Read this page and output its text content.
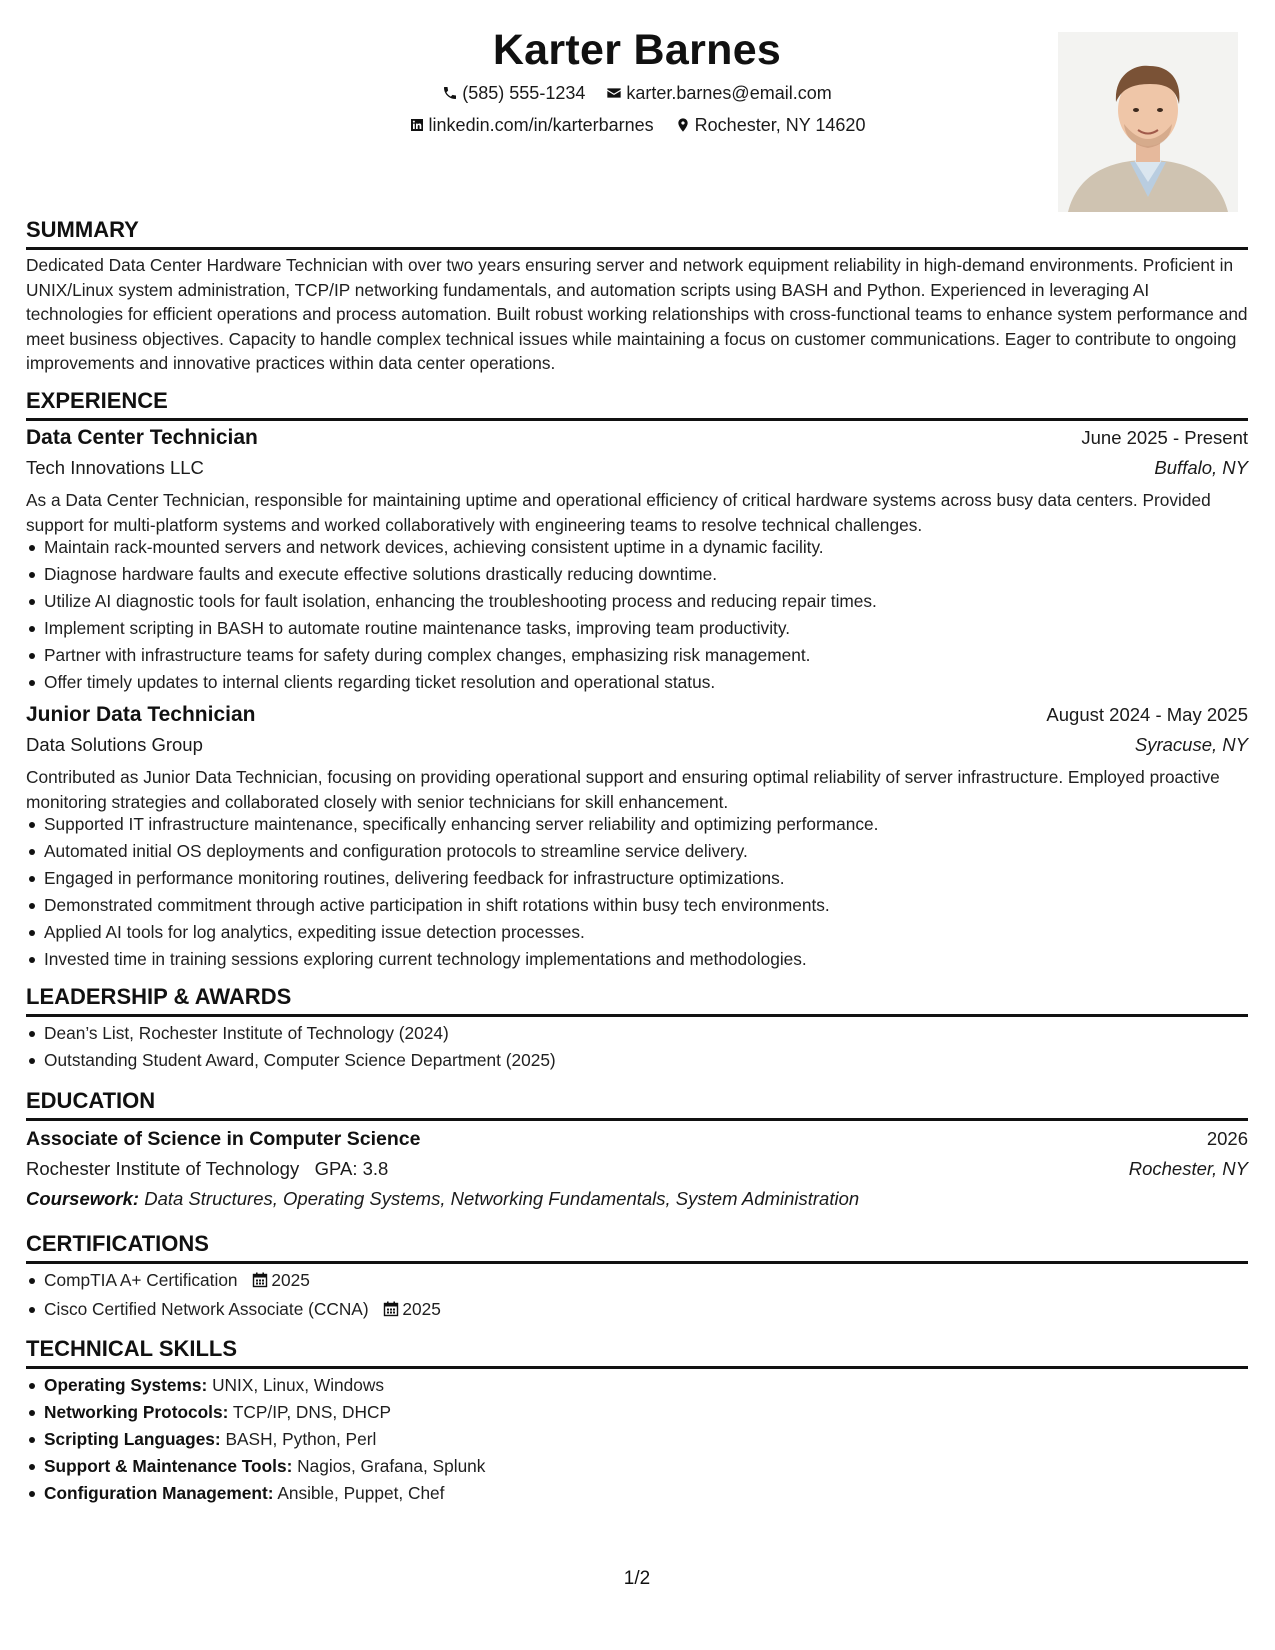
Karter Barnes
(585) 555-1234
karter.barnes@email.com
linkedin.com/in/karterbarnes
Rochester, NY 14620
SUMMARY
Dedicated Data Center Hardware Technician with over two years ensuring server and network equipment reliability in high-demand environments. Proficient in UNIX/Linux system administration, TCP/IP networking fundamentals, and automation scripts using BASH and Python. Experienced in leveraging AI technologies for efficient operations and process automation. Built robust working relationships with cross-functional teams to enhance system performance and meet business objectives. Capacity to handle complex technical issues while maintaining a focus on customer communications. Eager to contribute to ongoing improvements and innovative practices within data center operations.
EXPERIENCE
Data Center Technician	June 2025 - Present
Tech Innovations LLC	Buffalo, NY
As a Data Center Technician, responsible for maintaining uptime and operational efficiency of critical hardware systems across busy data centers. Provided support for multi-platform systems and worked collaboratively with engineering teams to resolve technical challenges.
Maintain rack-mounted servers and network devices, achieving consistent uptime in a dynamic facility.
Diagnose hardware faults and execute effective solutions drastically reducing downtime.
Utilize AI diagnostic tools for fault isolation, enhancing the troubleshooting process and reducing repair times.
Implement scripting in BASH to automate routine maintenance tasks, improving team productivity.
Partner with infrastructure teams for safety during complex changes, emphasizing risk management.
Offer timely updates to internal clients regarding ticket resolution and operational status.
Junior Data Technician	August 2024 - May 2025
Data Solutions Group	Syracuse, NY
Contributed as Junior Data Technician, focusing on providing operational support and ensuring optimal reliability of server infrastructure. Employed proactive monitoring strategies and collaborated closely with senior technicians for skill enhancement.
Supported IT infrastructure maintenance, specifically enhancing server reliability and optimizing performance.
Automated initial OS deployments and configuration protocols to streamline service delivery.
Engaged in performance monitoring routines, delivering feedback for infrastructure optimizations.
Demonstrated commitment through active participation in shift rotations within busy tech environments.
Applied AI tools for log analytics, expediting issue detection processes.
Invested time in training sessions exploring current technology implementations and methodologies.
LEADERSHIP & AWARDS
Dean’s List, Rochester Institute of Technology (2024)
Outstanding Student Award, Computer Science Department (2025)
EDUCATION
Associate of Science in Computer Science	2026
Rochester Institute of Technology GPA: 3.8	Rochester, NY
Coursework: Data Structures, Operating Systems, Networking Fundamentals, System Administration
CERTIFICATIONS
CompTIA A+ Certification 2025
Cisco Certified Network Associate (CCNA) 2025
TECHNICAL SKILLS
Operating Systems: UNIX, Linux, Windows
Networking Protocols: TCP/IP, DNS, DHCP
Scripting Languages: BASH, Python, Perl
Support & Maintenance Tools: Nagios, Grafana, Splunk
Configuration Management: Ansible, Puppet, Chef
1/2
